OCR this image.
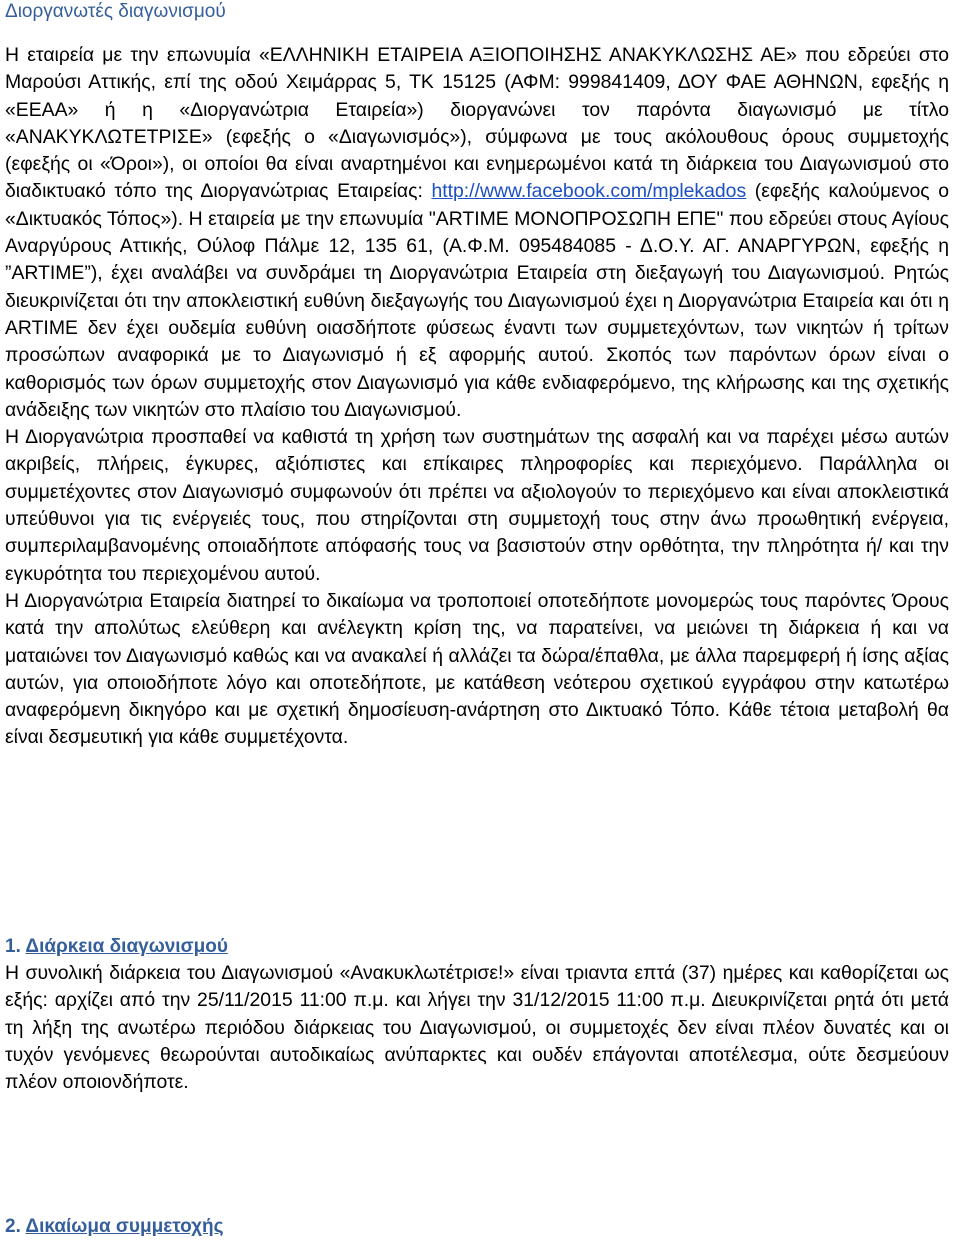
Διοργανωτές διαγωνισμού

Η εταιρεία με την επωνυμία «ΕΛΛΗΝΙΚΗ ΕΤΑΙΡΕΙΑ ΑΞΙΟΠΟΙΗΣΗΣ ΑΝΑΚΥΚΛΩΣΗΣ ΑΕ» που εδρεύει στο Μαρούσι Αττικής, επί της οδού Χειμάρρας 5, ΤΚ 15125 (ΑΦΜ: 999841409, ΔΟΥ ΦΑΕ ΑΘΗΝΩΝ, εφεξής η «ΕΕΑΑ» ή η «Διοργανώτρια Εταιρεία») διοργανώνει τον παρόντα διαγωνισμό με τίτλο «ΑΝΑΚΥΚΛΩΤΕΤΡΙΣΕ» (εφεξής ο «Διαγωνισμός»), σύμφωνα με τους ακόλουθους όρους συμμετοχής (εφεξής οι «Όροι»), οι οποίοι θα είναι αναρτημένοι και ενημερωμένοι κατά τη διάρκεια του Διαγωνισμού στο διαδικτυακό τόπο της Διοργανώτριας Εταιρείας: http://www.facebook.com/mplekados (εφεξής καλούμενος ο «Δικτυακός Τόπος»). Η εταιρεία με την επωνυμία "ARTIME ΜΟΝΟΠΡΟΣΩΠΗ ΕΠΕ" που εδρεύει στους Αγίους Αναργύρους Αττικής, Ούλοφ Πάλμε 12, 135 61, (Α.Φ.Μ. 095484085 - Δ.Ο.Υ. ΑΓ. ΑΝΑΡΓΥΡΩΝ, εφεξής η ”ARTIME”), έχει αναλάβει να συνδράμει τη Διοργανώτρια Εταιρεία στη διεξαγωγή του Διαγωνισμού. Ρητώς διευκρινίζεται ότι την αποκλειστική ευθύνη διεξαγωγής του Διαγωνισμού έχει η Διοργανώτρια Εταιρεία και ότι η ARTIME δεν έχει ουδεμία ευθύνη οιασδήποτε φύσεως έναντι των συμμετεχόντων, των νικητών ή τρίτων προσώπων αναφορικά με το Διαγωνισμό ή εξ αφορμής αυτού. Σκοπός των παρόντων όρων είναι ο καθορισμός των όρων συμμετοχής στον Διαγωνισμό για κάθε ενδιαφερόμενο, της κλήρωσης και της σχετικής ανάδειξης των νικητών στο πλαίσιο του Διαγωνισμού.
Η Διοργανώτρια προσπαθεί να καθιστά τη χρήση των συστημάτων της ασφαλή και να παρέχει μέσω αυτών ακριβείς, πλήρεις, έγκυρες, αξιόπιστες και επίκαιρες πληροφορίες και περιεχόμενο. Παράλληλα οι συμμετέχοντες στον Διαγωνισμό συμφωνούν ότι πρέπει να αξιολογούν το περιεχόμενο και είναι αποκλειστικά υπεύθυνοι για τις ενέργειές τους, που στηρίζονται στη συμμετοχή τους στην άνω προωθητική ενέργεια, συμπεριλαμβανομένης οποιαδήποτε απόφασής τους να βασιστούν στην ορθότητα, την πληρότητα ή/ και την εγκυρότητα του περιεχομένου αυτού.
Η Διοργανώτρια Εταιρεία διατηρεί το δικαίωμα να τροποποιεί οποτεδήποτε μονομερώς τους παρόντες Όρους κατά την απολύτως ελεύθερη και ανέλεγκτη κρίση της, να παρατείνει, να μειώνει τη διάρκεια ή και να ματαιώνει τον Διαγωνισμό καθώς και να ανακαλεί ή αλλάζει τα δώρα/έπαθλα, με άλλα παρεμφερή ή ίσης αξίας αυτών, για οποιοδήποτε λόγο και οποτεδήποτε, με κατάθεση νεότερου σχετικού εγγράφου στην κατωτέρω αναφερόμενη δικηγόρο και με σχετική δημοσίευση-ανάρτηση στο Δικτυακό Τόπο. Κάθε τέτοια μεταβολή θα είναι δεσμευτική για κάθε συμμετέχοντα.

1. Διάρκεια διαγωνισμού

Η συνολική διάρκεια του Διαγωνισμού «Ανακυκλωτέτρισε!» είναι τριαντα επτά (37) ημέρες και καθορίζεται ως εξής: αρχίζει από την 25/11/2015 11:00 π.μ. και λήγει την 31/12/2015 11:00 π.μ. Διευκρινίζεται ρητά ότι μετά τη λήξη της ανωτέρω περιόδου διάρκειας του Διαγωνισμού, οι συμμετοχές δεν είναι πλέον δυνατές και οι τυχόν γενόμενες θεωρούνται αυτοδικαίως ανύπαρκτες και ουδέν επάγονται αποτέλεσμα, ούτε δεσμεύουν πλέον οποιονδήποτε.

2. Δικαίωμα συμμετοχής
